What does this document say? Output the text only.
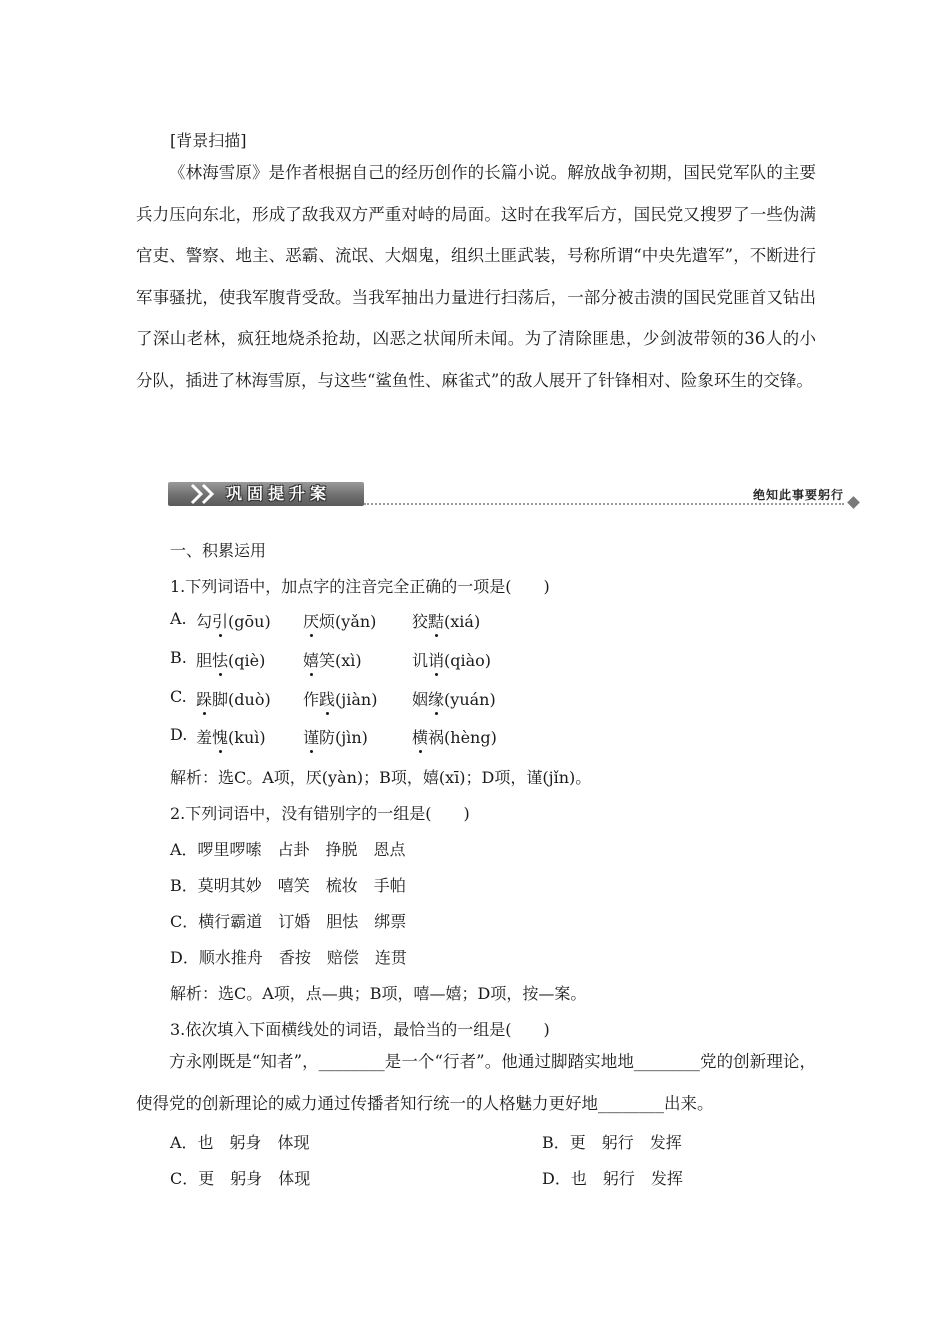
[背景扫描]
《林海雪原》是作者根据自己的经历创作的长篇小说。解放战争初期，国民党军队的主要兵力压向东北，形成了敌我双方严重对峙的局面。这时在我军后方，国民党又搜罗了一些伪满官吏、警察、地主、恶霸、流氓、大烟鬼，组织土匪武装，号称所谓“中央先遣军”，不断进行军事骚扰，使我军腹背受敌。当我军抽出力量进行扫荡后，一部分被击溃的国民党匪首又钻出了深山老林，疯狂地烧杀抢劫，凶恶之状闻所未闻。为了清除匪患，少剑波带领的36人的小分队，插进了林海雪原，与这些“鲨鱼性、麻雀式”的敌人展开了针锋相对、险象环生的交锋。
巩固提升案	绝知此事要躬行
一、积累运用
1.下列词语中，加点字的注音完全正确的一项是(　　)
A. 勾引(gōu) 厌烦(yǎn) 狡黠(xiá)
B. 胆怯(qiè) 嬉笑(xì)	讥诮(qiào)
C. 跺脚(duò) 作践(jiàn) 姻缘(yuán)
D. 羞愧(kuì) 谨防(jìn)	横祸(hèng)
解析：选C。A项，厌(yàn)；B项，嬉(xī)；D项，谨(jǐn)。
2.下列词语中，没有错别字的一组是(　　)
A．啰里啰嗦　占卦　挣脱　恩点
B．莫明其妙　嘻笑　梳妆　手帕
C．横行霸道　订婚　胆怯　绑票
D．顺水推舟　香按　赔偿　连贯
解析：选C。A项，点—典；B项，嘻—嬉；D项，按—案。
3.依次填入下面横线处的词语，最恰当的一组是(　　)
方永刚既是“知者”，________是一个“行者”。他通过脚踏实地地________党的创新理论，使得党的创新理论的威力通过传播者知行统一的人格魅力更好地________出来。
A．也　躬身　体现	B．更　躬行　发挥
C．更　躬身　体现	D．也　躬行　发挥
